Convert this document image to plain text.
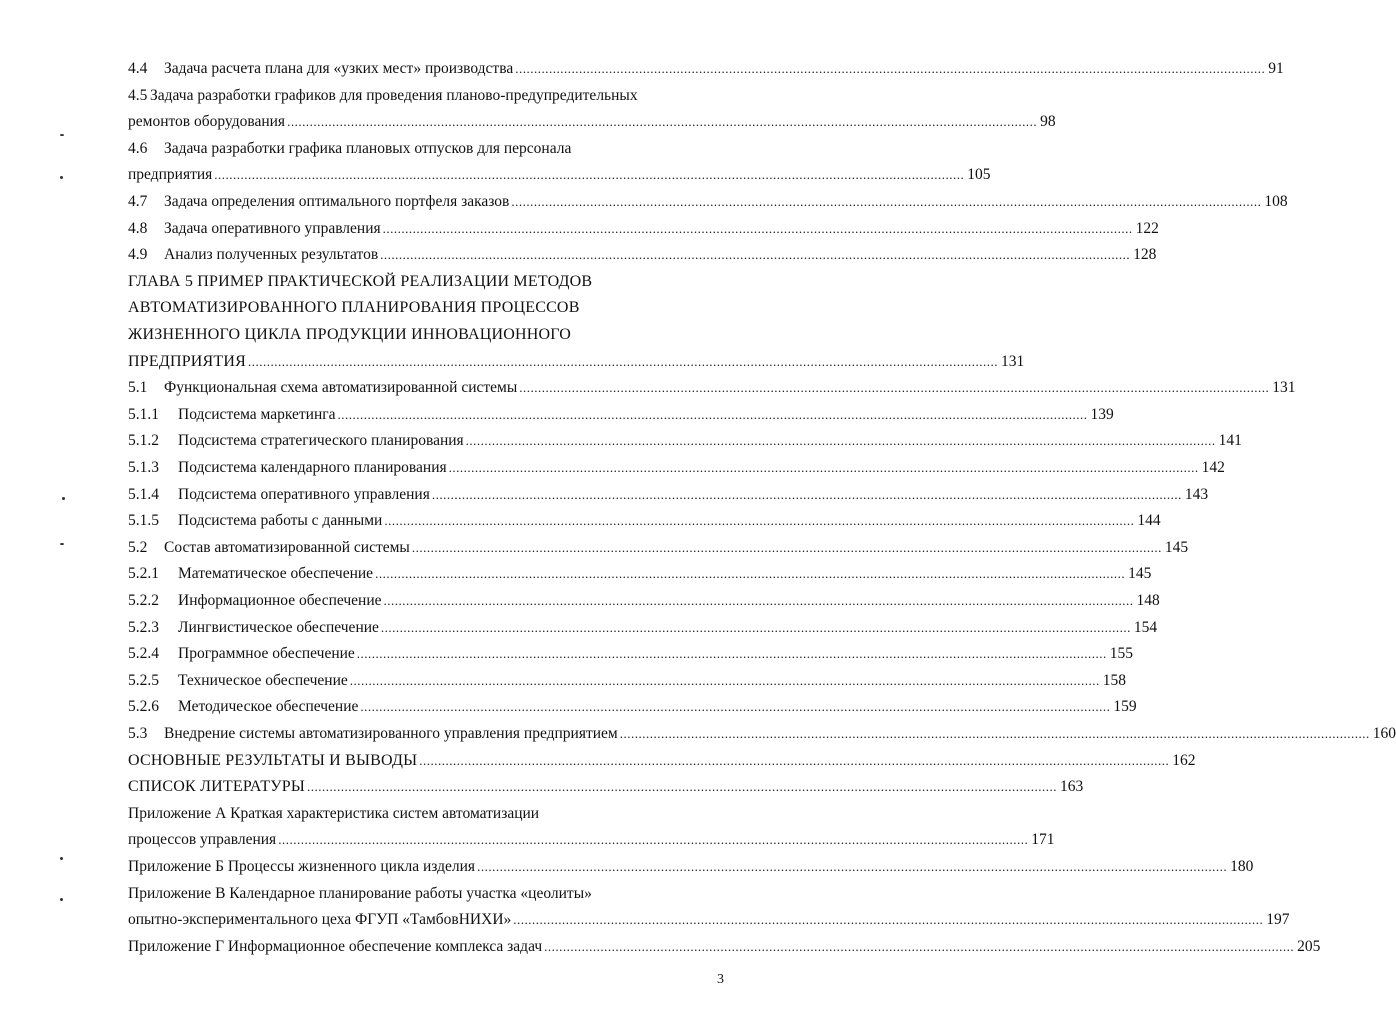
4.4	Задача расчета плана для «узких мест» производства ........................................................................................................................................................................................................ 91
4.5 Задача разработки графиков для проведения планово-предупредительных
ремонтов оборудования ........................................................................................................................................................................................................ 98
4.6	Задача разработки графика плановых отпусков для персонала
предприятия ........................................................................................................................................................................................................ 105
4.7	Задача определения оптимального портфеля заказов ........................................................................................................................................................................................................ 108
4.8	Задача оперативного управления ........................................................................................................................................................................................................ 122
4.9	Анализ полученных результатов ........................................................................................................................................................................................................ 128
ГЛАВА 5 ПРИМЕР ПРАКТИЧЕСКОЙ РЕАЛИЗАЦИИ МЕТОДОВ
АВТОМАТИЗИРОВАННОГО ПЛАНИРОВАНИЯ ПРОЦЕССОВ
ЖИЗНЕННОГО ЦИКЛА ПРОДУКЦИИ ИННОВАЦИОННОГО
ПРЕДПРИЯТИЯ ........................................................................................................................................................................................................ 131
5.1	Функциональная схема автоматизированной системы ........................................................................................................................................................................................................ 131
5.1.1	Подсистема маркетинга ........................................................................................................................................................................................................ 139
5.1.2	Подсистема стратегического планирования ........................................................................................................................................................................................................ 141
5.1.3	Подсистема календарного планирования ........................................................................................................................................................................................................ 142
5.1.4	Подсистема оперативного управления ........................................................................................................................................................................................................ 143
5.1.5	Подсистема работы с данными ........................................................................................................................................................................................................ 144
5.2	Состав автоматизированной системы ........................................................................................................................................................................................................ 145
5.2.1	Математическое обеспечение ........................................................................................................................................................................................................ 145
5.2.2	Информационное обеспечение ........................................................................................................................................................................................................ 148
5.2.3	Лингвистическое обеспечение ........................................................................................................................................................................................................ 154
5.2.4	Программное обеспечение ........................................................................................................................................................................................................ 155
5.2.5	Техническое обеспечение ........................................................................................................................................................................................................ 158
5.2.6	Методическое обеспечение ........................................................................................................................................................................................................ 159
5.3	Внедрение системы автоматизированного управления предприятием ........................................................................................................................................................................................................ 160
ОСНОВНЫЕ РЕЗУЛЬТАТЫ И ВЫВОДЫ ........................................................................................................................................................................................................ 162
СПИСОК ЛИТЕРАТУРЫ ........................................................................................................................................................................................................ 163
Приложение А Краткая характеристика систем автоматизации
процессов управления ........................................................................................................................................................................................................ 171
Приложение Б Процессы жизненного цикла изделия ........................................................................................................................................................................................................ 180
Приложение В Календарное планирование работы участка «цеолиты»
опытно-экспериментального цеха ФГУП «ТамбовНИХИ» ........................................................................................................................................................................................................ 197
Приложение Г Информационное обеспечение комплекса задач ........................................................................................................................................................................................................ 205
3
